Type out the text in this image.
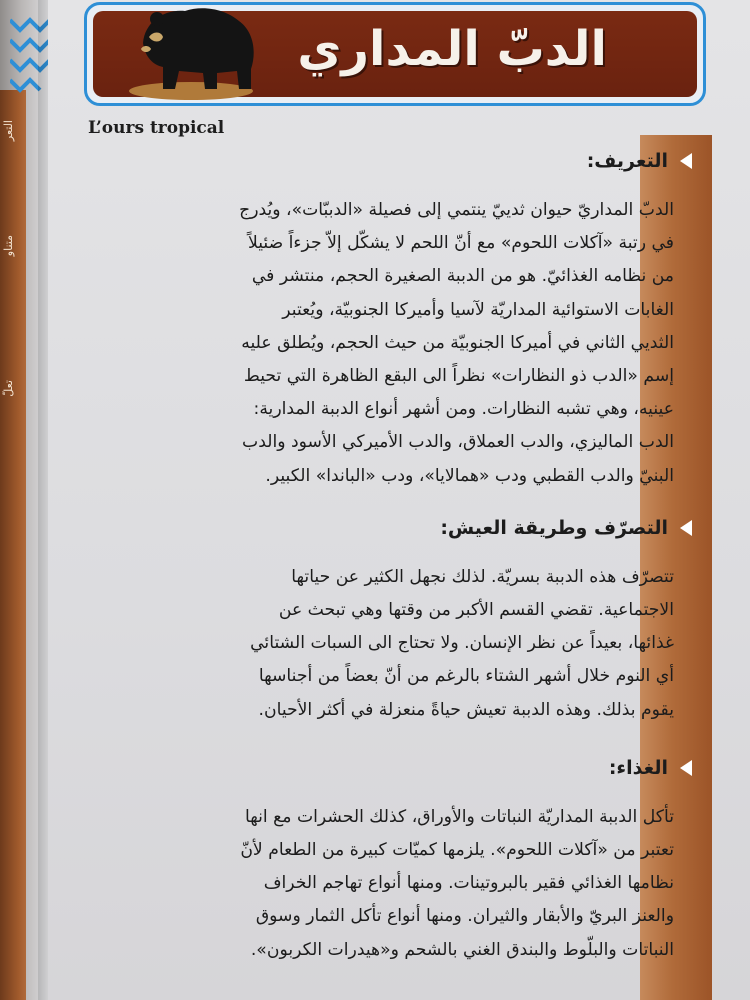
التعر
متناو
تعلّ
الدبّ المداري
L’ours tropical
التعريف:

الدبّ المداريّ حيوان ثدييّ ينتمي إلى فصيلة «الدببّات»، ويُدرج
في رتبة «آكلات اللحوم» مع أنّ اللحم لا يشكّل إلاّ جزءاً ضئيلاً
من نظامه الغذائيّ. هو من الدببة الصغيرة الحجم، منتشر في
الغابات الاستوائية المداريّة لآسيا وأميركا الجنوبيّة، ويُعتبر
الثديي الثاني في أميركا الجنوبيّة من حيث الحجم، ويُطلق عليه
إسم «الدب ذو النظارات» نظراً الى البقع الظاهرة التي تحيط
عينيه، وهي تشبه النظارات. ومن أشهر أنواع الدببة المدارية:
الدب الماليزي، والدب العملاق، والدب الأميركي الأسود والدب
البنيّ والدب القطبي ودب «همالايا»، ودب «الباندا» الكبير.

التصرّف وطريقة العيش:

تتصرّف هذه الدببة بسريّة. لذلك نجهل الكثير عن حياتها
الاجتماعية. تقضي القسم الأكبر من وقتها وهي تبحث عن
غذائها، بعيداً عن نظر الإنسان. ولا تحتاج الى السبات الشتائي
أي النوم خلال أشهر الشتاء بالرغم من أنّ بعضاً من أجناسها
يقوم بذلك. وهذه الدببة تعيش حياةً منعزلة في أكثر الأحيان.

الغذاء:

تأكل الدببة المداريّة النباتات والأوراق، كذلك الحشرات مع انها
تعتبر من «آكلات اللحوم». يلزمها كميّات كبيرة من الطعام لأنّ
نظامها الغذائي فقير بالبروتينات. ومنها أنواع تهاجم الخراف
والعنز البريّ والأبقار والثيران. ومنها أنواع تأكل الثمار وسوق
النباتات والبلّوط والبندق الغني بالشحم و«هيدرات الكربون».
